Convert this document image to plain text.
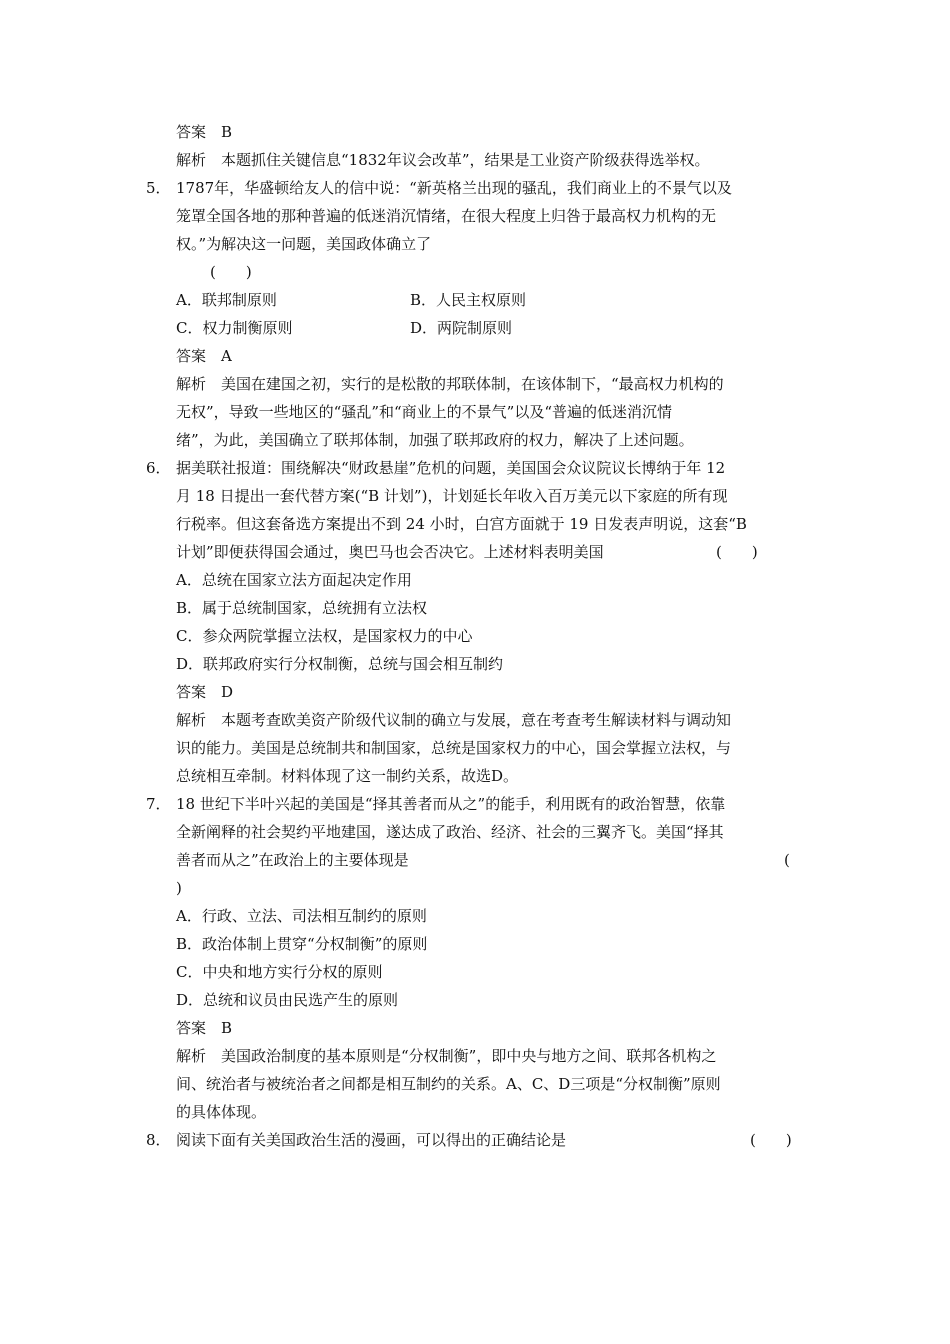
答案　B
解析　本题抓住关键信息“1832年议会改革”，结果是工业资产阶级获得选举权。
5． 1787年，华盛顿给友人的信中说：“新英格兰出现的骚乱，我们商业上的不景气以及
笼罩全国各地的那种普遍的低迷消沉情绪，在很大程度上归咎于最高权力机构的无
权。”为解决这一问题，美国政体确立了
(　　)
A．联邦制原则	B．人民主权原则
C．权力制衡原则	D．两院制原则
答案　A
解析　美国在建国之初，实行的是松散的邦联体制，在该体制下，“最高权力机构的
无权”，导致一些地区的“骚乱”和“商业上的不景气”以及“普遍的低迷消沉情
绪”，为此，美国确立了联邦体制，加强了联邦政府的权力，解决了上述问题。
6． 据美联社报道：围绕解决“财政悬崖”危机的问题，美国国会众议院议长博纳于年 12
月 18 日提出一套代替方案(“B 计划”)，计划延长年收入百万美元以下家庭的所有现
行税率。但这套备选方案提出不到 24 小时，白宫方面就于 19 日发表声明说，这套“B
计划”即便获得国会通过，奥巴马也会否决它。上述材料表明美国	(　　)
A．总统在国家立法方面起决定作用
B．属于总统制国家，总统拥有立法权
C．参众两院掌握立法权，是国家权力的中心
D．联邦政府实行分权制衡，总统与国会相互制约
答案　D
解析　本题考查欧美资产阶级代议制的确立与发展，意在考查考生解读材料与调动知
识的能力。美国是总统制共和制国家，总统是国家权力的中心，国会掌握立法权，与
总统相互牵制。材料体现了这一制约关系，故选D。
7． 18 世纪下半叶兴起的美国是“择其善者而从之”的能手，利用既有的政治智慧，依靠
全新阐释的社会契约平地建国，遂达成了政治、经济、社会的三翼齐飞。美国“择其
善者而从之”在政治上的主要体现是	(
)
A．行政、立法、司法相互制约的原则
B．政治体制上贯穿“分权制衡”的原则
C．中央和地方实行分权的原则
D．总统和议员由民选产生的原则
答案　B
解析　美国政治制度的基本原则是“分权制衡”，即中央与地方之间、联邦各机构之
间、统治者与被统治者之间都是相互制约的关系。A、C、D三项是“分权制衡”原则
的具体体现。
8． 阅读下面有关美国政治生活的漫画，可以得出的正确结论是	(　　)
